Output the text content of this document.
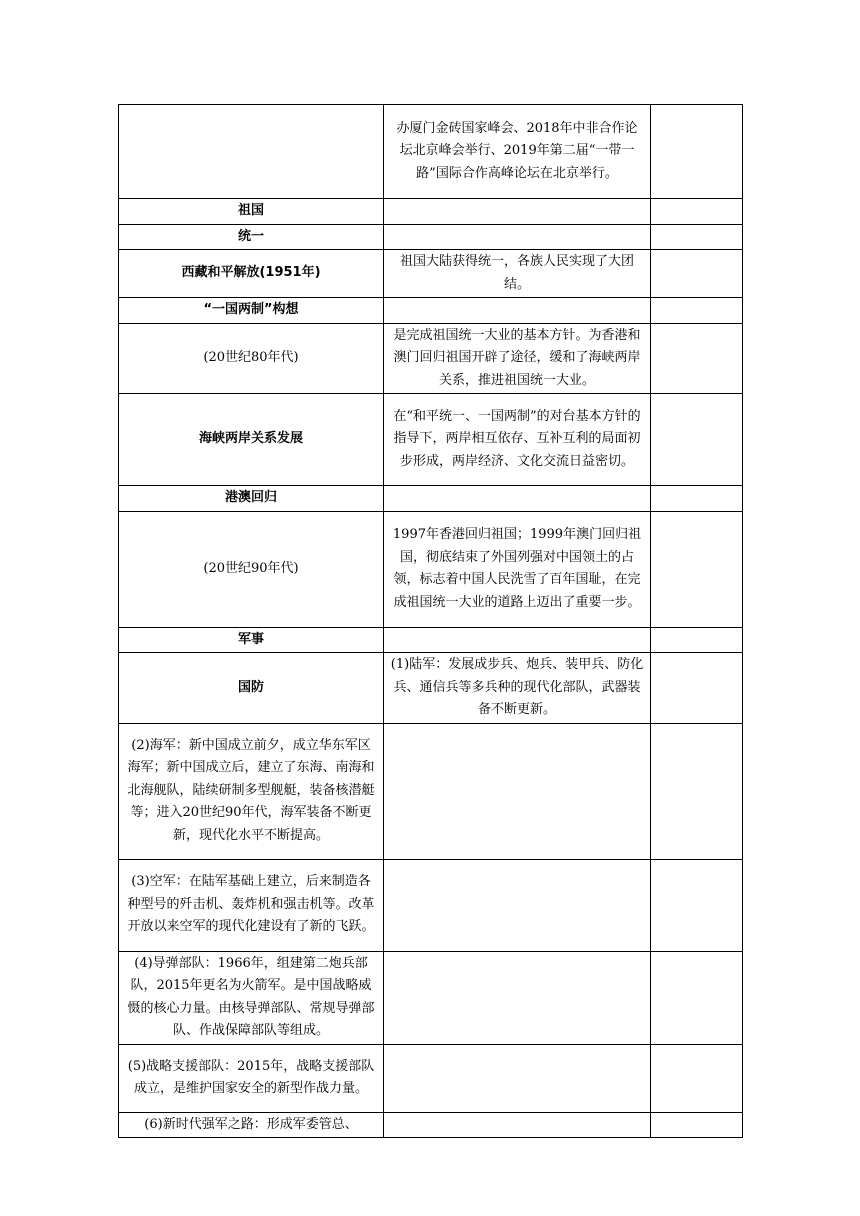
	办厦门金砖国家峰会、2018年中非合作论坛北京峰会举行、2019年第二届“一带一路”国际合作高峰论坛在北京举行。	
祖国		
统一		
西藏和平解放(1951年)	祖国大陆获得统一，各族人民实现了大团结。	
“一国两制”构想		
(20世纪80年代)	是完成祖国统一大业的基本方针。为香港和澳门回归祖国开辟了途径，缓和了海峡两岸关系，推进祖国统一大业。	
海峡两岸关系发展	在“和平统一、一国两制”的对台基本方针的指导下，两岸相互依存、互补互利的局面初步形成，两岸经济、文化交流日益密切。	
港澳回归		
(20世纪90年代)	1997年香港回归祖国；1999年澳门回归祖国，彻底结束了外国列强对中国领土的占领，标志着中国人民洗雪了百年国耻，在完成祖国统一大业的道路上迈出了重要一步。	
军事		
国防	(1)陆军：发展成步兵、炮兵、装甲兵、防化兵、通信兵等多兵种的现代化部队，武器装备不断更新。	
(2)海军：新中国成立前夕，成立华东军区海军；新中国成立后，建立了东海、南海和北海舰队，陆续研制多型舰艇，装备核潜艇等；进入20世纪90年代，海军装备不断更新，现代化水平不断提高。		
(3)空军：在陆军基础上建立，后来制造各种型号的歼击机、轰炸机和强击机等。改革开放以来空军的现代化建设有了新的飞跃。		
(4)导弹部队：1966年，组建第二炮兵部队，2015年更名为火箭军。是中国战略威慑的核心力量。由核导弹部队、常规导弹部队、作战保障部队等组成。		
(5)战略支援部队：2015年，战略支援部队成立，是维护国家安全的新型作战力量。		
(6)新时代强军之路：形成军委管总、		
